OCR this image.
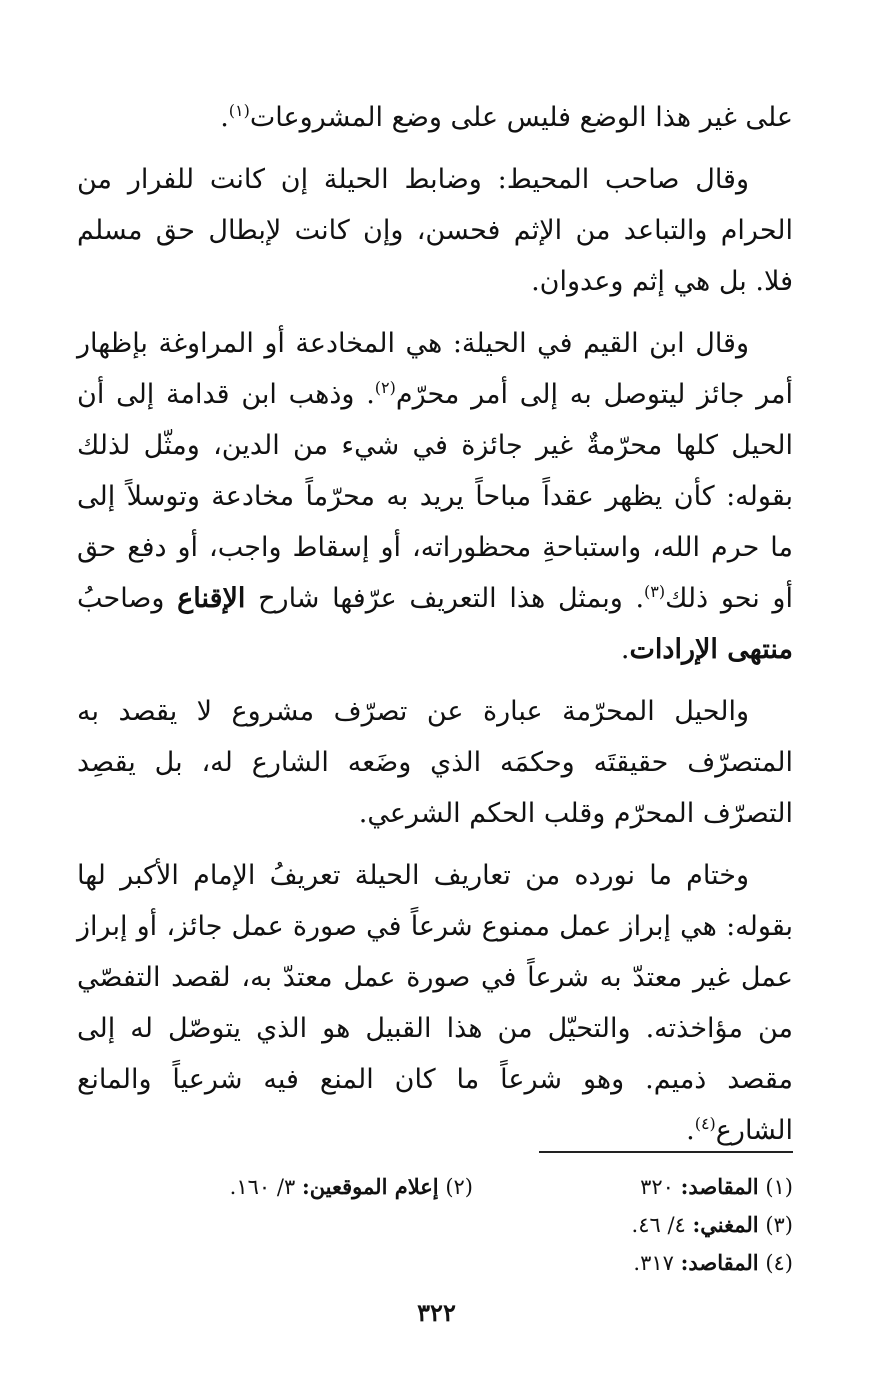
على غير هذا الوضع فليس على وضع المشروعات$^{(١)}$.

وقال صاحب المحيط: وضابط الحيلة إن كانت للفرار من الحرام والتباعد من الإثم فحسن، وإن كانت لإبطال حق مسلم فلا. بل هي إثم وعدوان.

وقال ابن القيم في الحيلة: هي المخادعة أو المراوغة بإظهار أمر جائز ليتوصل به إلى أمر محرّم$^{(٢)}$. وذهب ابن قدامة إلى أن الحيل كلها محرّمةٌ غير جائزة في شيء من الدين، ومثّل لذلك بقوله: كأن يظهر عقداً مباحاً يريد به محرّماً مخادعة وتوسلاً إلى ما حرم الله، واستباحةِ محظوراته، أو إسقاط واجب، أو دفع حق أو نحو ذلك$^{(٣)}$. وبمثل هذا التعريف عرّفها شارح الإقناع وصاحبُ منتهى الإرادات.

والحيل المحرّمة عبارة عن تصرّف مشروع لا يقصد به المتصرّف حقيقتَه وحكمَه الذي وضَعه الشارع له، بل يقصِد التصرّف المحرّم وقلب الحكم الشرعي.

وختام ما نورده من تعاريف الحيلة تعريفُ الإمام الأكبر لها بقوله: هي إبراز عمل ممنوع شرعاً في صورة عمل جائز، أو إبراز عمل غير معتدّ به شرعاً في صورة عمل معتدّ به، لقصد التفصّي من مؤاخذته. والتحيّل من هذا القبيل هو الذي يتوصّل له إلى مقصد ذميم. وهو شرعاً ما كان المنع فيه شرعياً والمانع الشارع$^{(٤)}$.

(١) المقاصد: ٣٢٠
(٢) إعلام الموقعين: ٣/ ١٦٠.
(٣) المغني: ٤/ ٤٦.
(٤) المقاصد: ٣١٧.
٣٢٢
